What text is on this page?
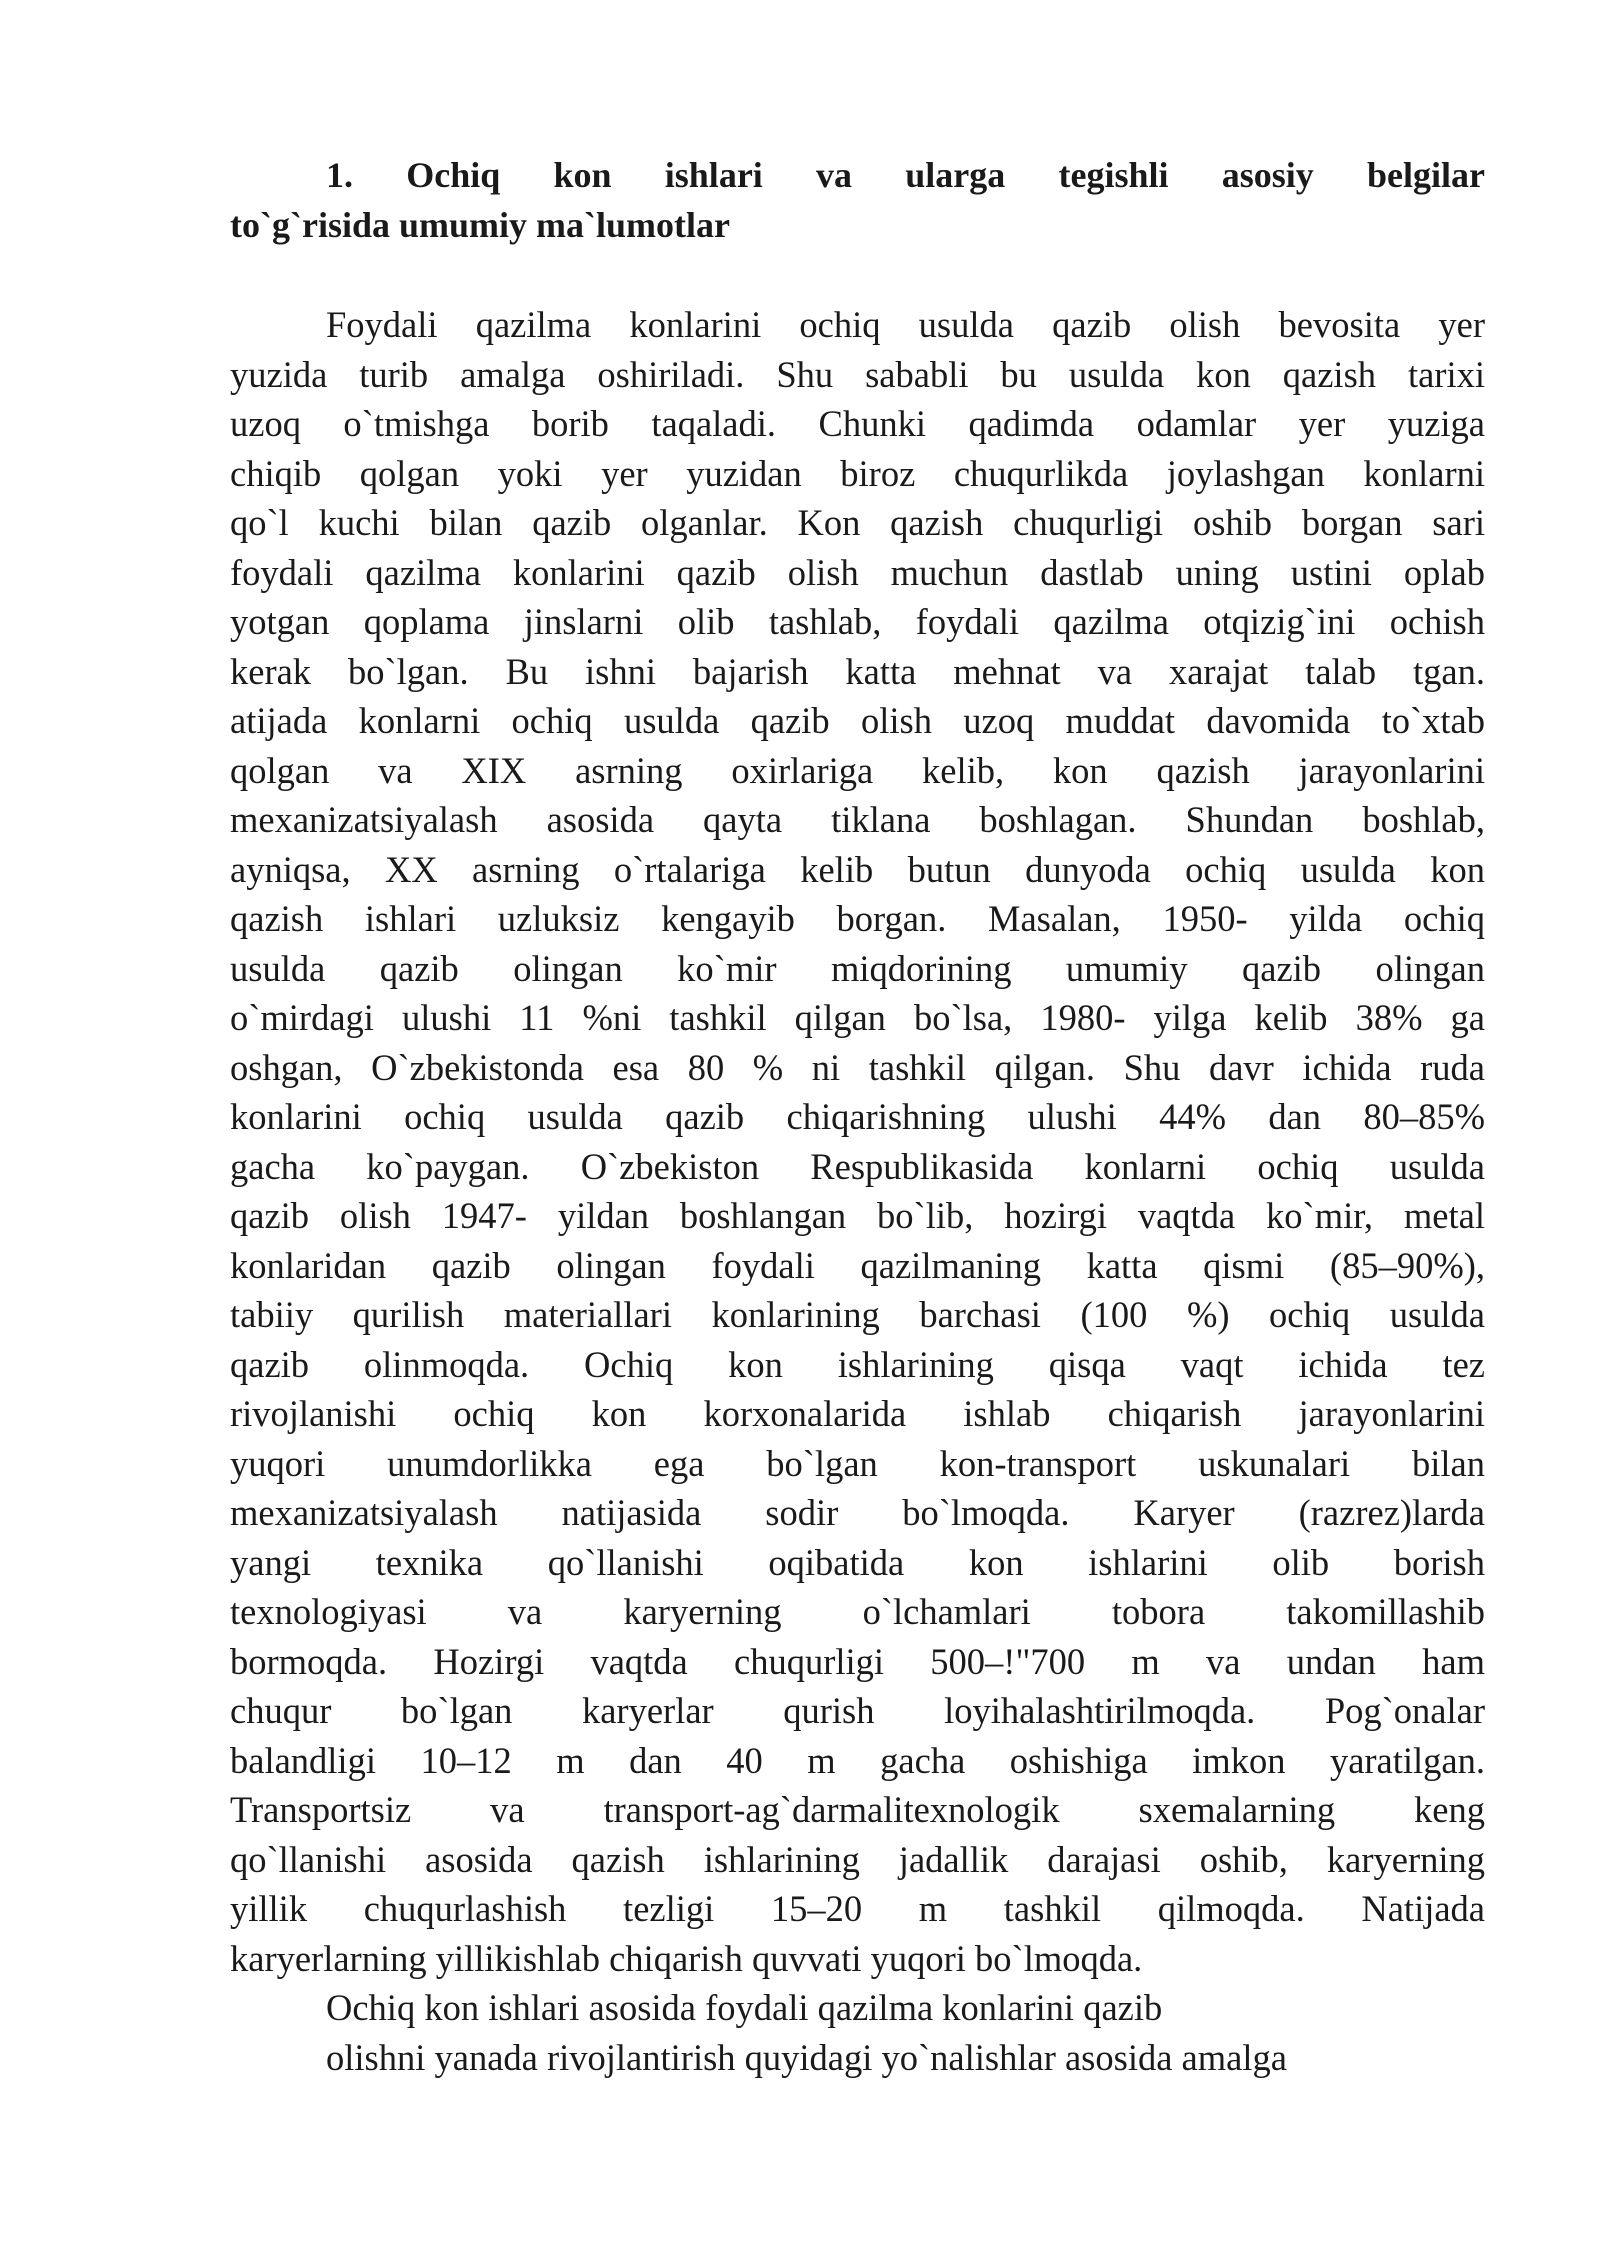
1. Ochiq kon ishlari va ularga tegishli asosiy belgilar
to`g`risida umumiy ma`lumotlar
Foydali qazilma konlarini ochiq usulda qazib olish bevosita yer
yuzida turib amalga oshiriladi. Shu sababli bu usulda kon qazish tarixi
uzoq o`tmishga borib taqaladi. Chunki qadimda odamlar yer yuziga
chiqib qolgan yoki yer yuzidan biroz chuqurlikda joylashgan konlarni
qo`l kuchi bilan qazib olganlar. Kon qazish chuqurligi oshib borgan sari
foydali qazilma konlarini qazib olish muchun dastlab uning ustini oplab
yotgan qoplama jinslarni olib tashlab, foydali qazilma otqizig`ini ochish
kerak bo`lgan. Bu ishni bajarish katta mehnat va xarajat talab tgan.
atijada konlarni ochiq usulda qazib olish uzoq muddat davomida to`xtab
qolgan va XIX asrning oxirlariga kelib, kon qazish jarayonlarini
mexanizatsiyalash asosida qayta tiklana boshlagan. Shundan boshlab,
ayniqsa, XX asrning o`rtalariga kelib butun dunyoda ochiq usulda kon
qazish ishlari uzluksiz kengayib borgan. Masalan, 1950- yilda ochiq
usulda qazib olingan ko`mir miqdorining umumiy qazib olingan
o`mirdagi ulushi 11 %ni tashkil qilgan bo`lsa, 1980- yilga kelib 38% ga
oshgan, O`zbekistonda esa 80 % ni tashkil qilgan. Shu davr ichida ruda
konlarini ochiq usulda qazib chiqarishning ulushi 44% dan 80–85%
gacha ko`paygan. O`zbekiston Respublikasida konlarni ochiq usulda
qazib olish 1947- yildan boshlangan bo`lib, hozirgi vaqtda ko`mir, metal
konlaridan qazib olingan foydali qazilmaning katta qismi (85–90%),
tabiiy qurilish materiallari konlarining barchasi (100 %) ochiq usulda
qazib olinmoqda. Ochiq kon ishlarining qisqa vaqt ichida tez
rivojlanishi ochiq kon korxonalarida ishlab chiqarish jarayonlarini
yuqori unumdorlikka ega bo`lgan kon-transport uskunalari bilan
mexanizatsiyalash natijasida sodir bo`lmoqda. Karyer (razrez)larda
yangi texnika qo`llanishi oqibatida kon ishlarini olib borish
texnologiyasi va karyerning o`lchamlari tobora takomillashib
bormoqda. Hozirgi vaqtda chuqurligi 500–!"700 m va undan ham
chuqur bo`lgan karyerlar qurish loyihalashtirilmoqda. Pog`onalar
balandligi 10–12 m dan 40 m gacha oshishiga imkon yaratilgan.
Transportsiz va transport-ag`darmalitexnologik sxemalarning keng
qo`llanishi asosida qazish ishlarining jadallik darajasi oshib, karyerning
yillik chuqurlashish tezligi 15–20 m tashkil qilmoqda. Natijada
karyerlarning yillikishlab chiqarish quvvati yuqori bo`lmoqda.
Ochiq kon ishlari asosida foydali qazilma konlarini qazib
olishni yanada rivojlantirish quyidagi yo`nalishlar asosida amalga
